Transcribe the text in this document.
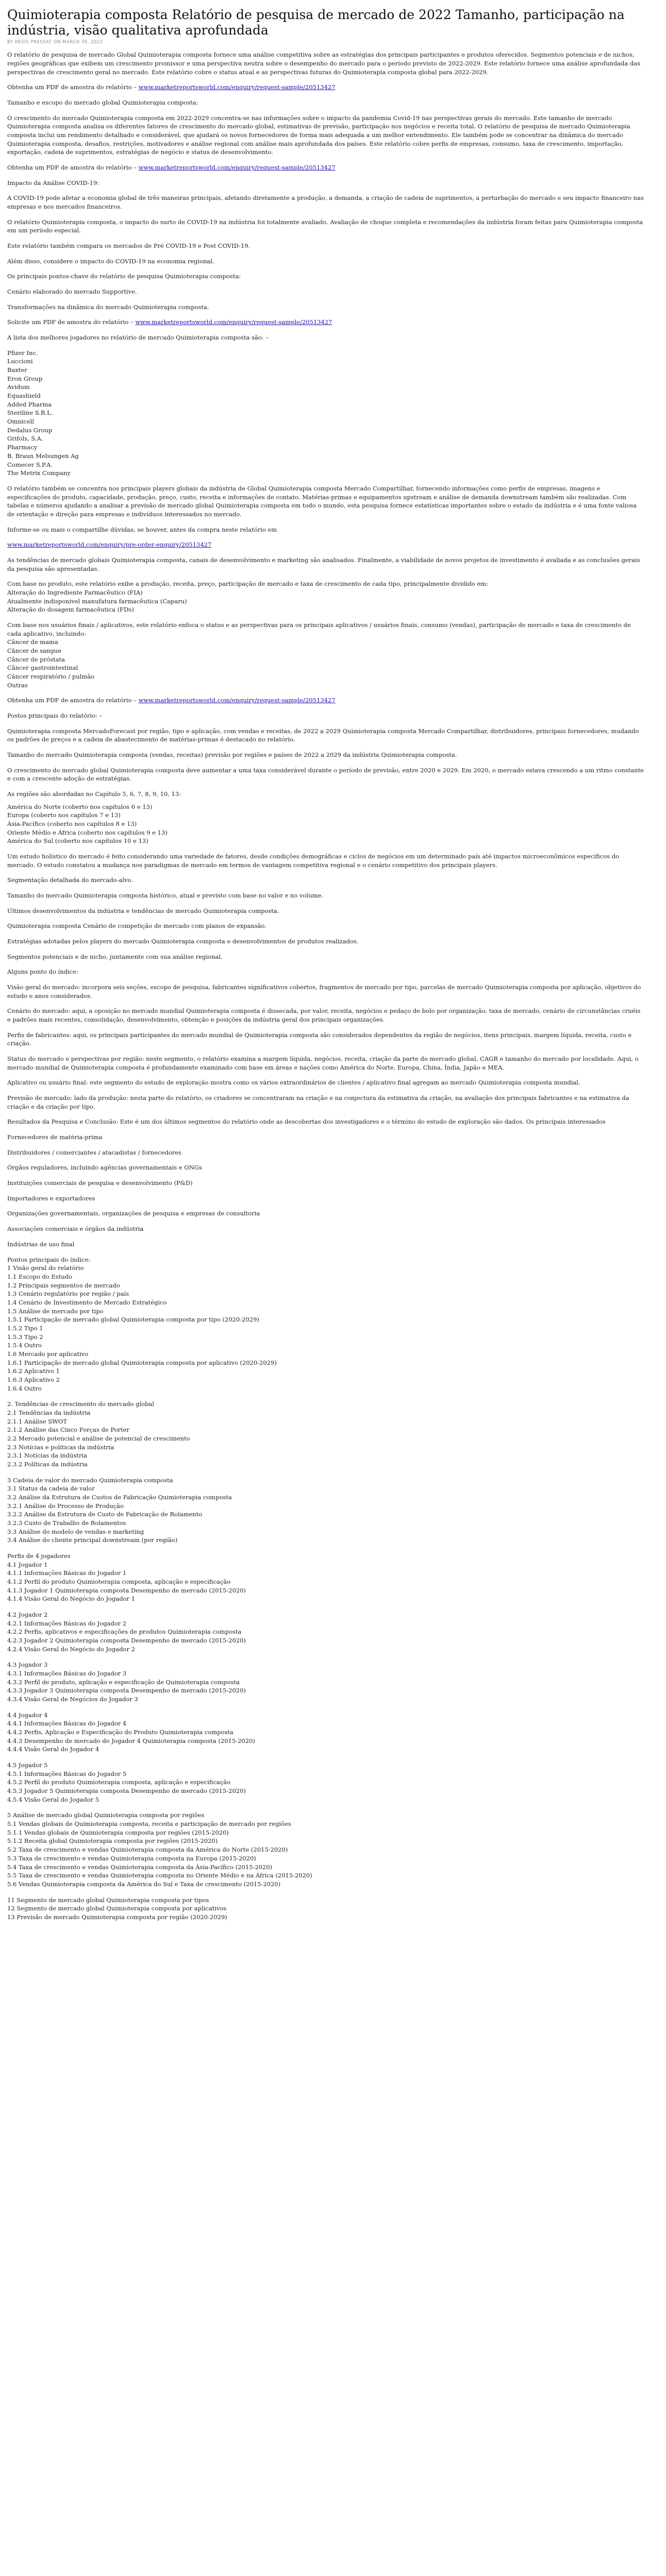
Quimioterapia composta Relatório de pesquisa de mercado de 2022 Tamanho, participação na
indústria, visão qualitativa aprofundada
BY REVIS PRESSAT ON MARCH 30, 2022
O relatório de pesquisa de mercado Global Quimioterapia composta fornece uma análise competitiva sobre as estratégias dos principais participantes e produtos oferecidos. Segmentos potenciais e de nichos, regiões geográficas que exibem um crescimento promissor e uma perspectiva neutra sobre o desempenho do mercado para o período previsto de 2022-2029. Este relatório fornece uma análise aprofundada das perspectivas de crescimento geral no mercado. Este relatório cobre o status atual e as perspectivas futuras do Quimioterapia composta global para 2022-2029.
Obtenha um PDF de amostra do relatório – www.marketreportsworld.com/enquiry/request-sample/20513427
Tamanho e escopo do mercado global Quimioterapia composta:
O crescimento do mercado Quimioterapia composta em 2022-2029 concentra-se nas informações sobre o impacto da pandemia Covid-19 nas perspectivas gerais do mercado. Este tamanho de mercado Quimioterapia composta analisa os diferentes fatores de crescimento do mercado global, estimativas de previsão, participação nos negócios e receita total. O relatório de pesquisa de mercado Quimioterapia composta inclui um rendimento detalhado e considerável, que ajudará os novos fornecedores de forma mais adequada a um melhor entendimento. Ele também pode se concentrar na dinâmica do mercado Quimioterapia composta, desafios, restrições, motivadores e análise regional com análise mais aprofundada dos países. Este relatório cobre perfis de empresas, consumo, taxa de crescimento, importação, exportação, cadeia de suprimentos, estratégias de negócio e status de desenvolvimento.
Obtenha um PDF de amostra do relatório – www.marketreportsworld.com/enquiry/request-sample/20513427
Impacto da Análise COVID-19:
A COVID-19 pode afetar a economia global de três maneiras principais, afetando diretamente a produção, a demanda, a criação de cadeia de suprimentos, a perturbação do mercado e seu impacto financeiro nas empresas e nos mercados financeiros.
O relatório Quimioterapia composta, o impacto do surto de COVID-19 na indústria foi totalmente avaliado. Avaliação de choque completa e recomendações da indústria foram feitas para Quimioterapia composta em um período especial.
Este relatório também compara os mercados de Pré COVID-19 e Post COVID-19.
Além disso, considere o impacto do COVID-19 na economia regional.
Os principais pontos-chave do relatório de pesquisa Quimioterapia composta:
Cenário elaborado do mercado Supportive.
Transformações na dinâmica do mercado Quimioterapia composta.
Solicite um PDF de amostra do relatório – www.marketreportsworld.com/enquiry/request-sample/20513427
A lista dos melhores jogadores no relatório de mercado Quimioterapia composta são: –
Pfizer Inc.
Luccioni
Baxter
Eron Group
Avidum
Equashield
Added Pharma
Steriline S.R.L.
Omnicell
Dedalus Group
Grifols, S.A.
Pharmacy
B. Braun Melsungen Ag
Comecer S.P.A.
The Metrix Company
O relatório também se concentra nos principais players globais da indústria de Global Quimioterapia composta Mercado Compartilhar, fornecendo informações como perfis de empresas, imagens e especificações do produto, capacidade, produção, preço, custo, receita e informações de contato. Matérias-primas e equipamentos upstream e análise de demanda downstream também são realizadas. Com tabelas e números ajudando a analisar a previsão de mercado global Quimioterapia composta em todo o mundo, esta pesquisa fornece estatísticas importantes sobre o estado da indústria e é uma fonte valiosa de orientação e direção para empresas e indivíduos interessados no mercado.
Informe-se ou mais o compartilhe dúvidas, se houver, antes da compra neste relatório em
www.marketreportsworld.com/enquiry/pre-order-enquiry/20513427
As tendências de mercado globais Quimioterapia composta, canais de desenvolvimento e marketing são analisados. Finalmente, a viabilidade de novos projetos de investimento é avaliada e as conclusões gerais da pesquisa são apresentadas.
Com base no produto, este relatório exibe a produção, receita, preço, participação de mercado e taxa de crescimento de cada tipo, principalmente dividido em:
Alteração do Ingrediente Farmacêutico (FIA)
Atualmente indisponível manufatura farmacêutica (Caparu)
Alteração do dosagem farmacêutica (FDs)
Com base nos usuários finais / aplicativos, este relatório enfoca o status e as perspectivas para os principais aplicativos / usuários finais, consumo (vendas), participação de mercado e taxa de crescimento de cada aplicativo, incluindo:
Câncer de mama
Câncer de sangue
Câncer de próstata
Câncer gastrointestinal
Câncer respiratório / pulmão
Outras
Obtenha um PDF de amostra do relatório – www.marketreportsworld.com/enquiry/request-sample/20513427
Postos principais do relatório: –
Quimioterapia composta MercadoForecast por região, tipo e aplicação, com vendas e receitas, de 2022 a 2029 Quimioterapia composta Mercado Compartilhar, distribuidores, principais fornecedores, mudando os padrões de preços e a cadeia de abastecimento de matérias-primas é destacado no relatório.
Tamanho do mercado Quimioterapia composta (vendas, receitas) previsão por regiões e países de 2022 a 2029 da indústria Quimioterapia composta.
O crescimento do mercado global Quimioterapia composta deve aumentar a uma taxa considerável durante o período de previsão, entre 2020 e 2029. Em 2020, o mercado estava crescendo a um ritmo constante e com a crescente adoção de estratégias.
As regiões são abordadas no Capítulo 5, 6, 7, 8, 9, 10, 13:
América do Norte (coberto nos capítulos 6 e 13)
Europa (coberto nos capítulos 7 e 13)
Ásia-Pacífico (coberto nos capítulos 8 e 13)
Oriente Médio e África (coberto nos capítulos 9 e 13)
América do Sul (coberto nos capítulos 10 e 13)
Um estudo holístico do mercado é feito considerando uma variedade de fatores, desde condições demográficas e ciclos de negócios em um determinado país até impactos microeconômicos específicos do mercado. O estudo constatou a mudança nos paradigmas de mercado em termos de vantagem competitiva regional e o cenário competitivo dos principais players.
Segmentação detalhada do mercado-alvo.
Tamanho do mercado Quimioterapia composta histórico, atual e previsto com base no valor e no volume.
Últimos desenvolvimentos da indústria e tendências de mercado Quimioterapia composta.
Quimioterapia composta Cenário de competição de mercado com planos de expansão.
Estratégias adotadas pelos players do mercado Quimioterapia composta e desenvolvimentos de produtos realizados.
Segmentos potenciais e de nicho, juntamente com sua análise regional.
Alguns ponto do índice:
Visão geral do mercado: incorpora seis seções, escopo de pesquisa, fabricantes significativos cobertos, fragmentos de mercado por tipo, parcelas de mercado Quimioterapia composta por aplicação, objetivos do estudo e anos considerados.
Cenário do mercado: aqui, a oposição no mercado mundial Quimioterapia composta é dissecada, por valor, receita, negócios e pedaço de bolo por organização, taxa de mercado, cenário de circunstâncias cruéis e padrões mais recentes, consolidação, desenvolvimento, obtenção e posições da indústria geral dos principais organizações.
Perfis de fabricantes: aqui, os principais participantes do mercado mundial de Quimioterapia composta são considerados dependentes da região de negócios, itens principais, margem líquida, receita, custo e criação.
Status do mercado e perspectivas por região: neste segmento, o relatório examina a margem líquida, negócios, receita, criação da parte do mercado global, CAGR e tamanho do mercado por localidade. Aqui, o mercado mundial de Quimioterapia composta é profundamente examinado com base em áreas e nações como América do Norte, Europa, China, Índia, Japão e MEA.
Aplicativo ou usuário final: este segmento do estudo de exploração mostra como os vários extraordinários de clientes / aplicativo final agregam ao mercado Quimioterapia composta mundial.
Previsão de mercado: lado da produção: nesta parte do relatório, os criadores se concentraram na criação e na conjectura da estimativa da criação, na avaliação dos principais fabricantes e na estimativa da criação e da criação por tipo.
Resultados da Pesquisa e Conclusão: Este é um dos últimos segmentos do relatório onde as descobertas dos investigadores e o término do estudo de exploração são dados. Os principais interessados
Fornecedores de matéria-prima
Distribuidores / comerciantes / atacadistas / fornecedores
Órgãos reguladores, incluindo agências governamentais e ONGs
Instituições comerciais de pesquisa e desenvolvimento (P&D)
Importadores e exportadores
Organizações governamentais, organizações de pesquisa e empresas de consultoria
Associações comerciais e órgãos da indústria
Indústrias de uso final
Pontos principais do índice:
1 Visão geral do relatório
1.1 Escopo do Estudo
1.2 Principais segmentos de mercado
1.3 Cenário regulatório por região / país
1.4 Cenário de Investimento de Mercado Estratégico
1.5 Análise de mercado por tipo
1.5.1 Participação de mercado global Quimioterapia composta por tipo (2020-2029)
1.5.2 Tipo 1
1.5.3 Tipo 2
1.5.4 Outro
1.6 Mercado por aplicativo
1.6.1 Participação de mercado global Quimioterapia composta por aplicativo (2020-2029)
1.6.2 Aplicativo 1
1.6.3 Aplicativo 2
1.6.4 Outro
2. Tendências de crescimento do mercado global
2.1 Tendências da indústria
2.1.1 Análise SWOT
2.1.2 Análise das Cinco Forças de Porter
2.2 Mercado potencial e análise de potencial de crescimento
2.3 Notícias e políticas da indústria
2.3.1 Notícias da indústria
2.3.2 Políticas da indústria
3 Cadeia de valor do mercado Quimioterapia composta
3.1 Status da cadeia de valor
3.2 Análise da Estrutura de Custos de Fabricação Quimioterapia composta
3.2.1 Análise do Processo de Produção
3.2.2 Análise da Estrutura de Custo de Fabricação de Rolamento
3.2.3 Custo de Trabalho de Rolamentos
3.3 Análise do modelo de vendas e marketing
3.4 Análise do cliente principal downstream (por região)
Perfis de 4 jogadores
4.1 Jogador 1
4.1.1 Informações Básicas do Jogador 1
4.1.2 Perfil do produto Quimioterapia composta, aplicação e especificação
4.1.3 Jogador 1 Quimioterapia composta Desempenho de mercado (2015-2020)
4.1.4 Visão Geral do Negócio do Jogador 1
4.2 Jogador 2
4.2.1 Informações Básicas do Jogador 2
4.2.2 Perfis, aplicativos e especificações de produtos Quimioterapia composta
4.2.3 Jogador 2 Quimioterapia composta Desempenho de mercado (2015-2020)
4.2.4 Visão Geral do Negócio do Jogador 2
4.3 Jogador 3
4.3.1 Informações Básicas do Jogador 3
4.3.2 Perfil de produto, aplicação e especificação de Quimioterapia composta
4.3.3 Jogador 3 Quimioterapia composta Desempenho de mercado (2015-2020)
4.3.4 Visão Geral de Negócios do Jogador 3
4.4 Jogador 4
4.4.1 Informações Básicas do Jogador 4
4.4.2 Perfis, Aplicação e Especificação do Produto Quimioterapia composta
4.4.3 Desempenho de mercado do Jogador 4 Quimioterapia composta (2015-2020)
4.4.4 Visão Geral do Jogador 4
4.5 Jogador 5
4.5.1 Informações Básicas do Jogador 5
4.5.2 Perfil do produto Quimioterapia composta, aplicação e especificação
4.5.3 Jogador 5 Quimioterapia composta Desempenho de mercado (2015-2020)
4.5.4 Visão Geral do Jogador 5
5 Análise de mercado global Quimioterapia composta por regiões
5.1 Vendas globais de Quimioterapia composta, receita e participação de mercado por regiões
5.1.1 Vendas globais de Quimioterapia composta por regiões (2015-2020)
5.1.2 Receita global Quimioterapia composta por regiões (2015-2020)
5.2 Taxa de crescimento e vendas Quimioterapia composta da América do Norte (2015-2020)
5.3 Taxa de crescimento e vendas Quimioterapia composta na Europa (2015-2020)
5.4 Taxa de crescimento e vendas Quimioterapia composta da Ásia-Pacífico (2015-2020)
5.5 Taxa de crescimento e vendas Quimioterapia composta no Oriente Médio e na África (2015-2020)
5.6 Vendas Quimioterapia composta da América do Sul e Taxa de crescimento (2015-2020)
11 Segmento de mercado global Quimioterapia composta por tipos
12 Segmento de mercado global Quimioterapia composta por aplicativos
13 Previsão de mercado Quimioterapia composta por região (2020-2029)
